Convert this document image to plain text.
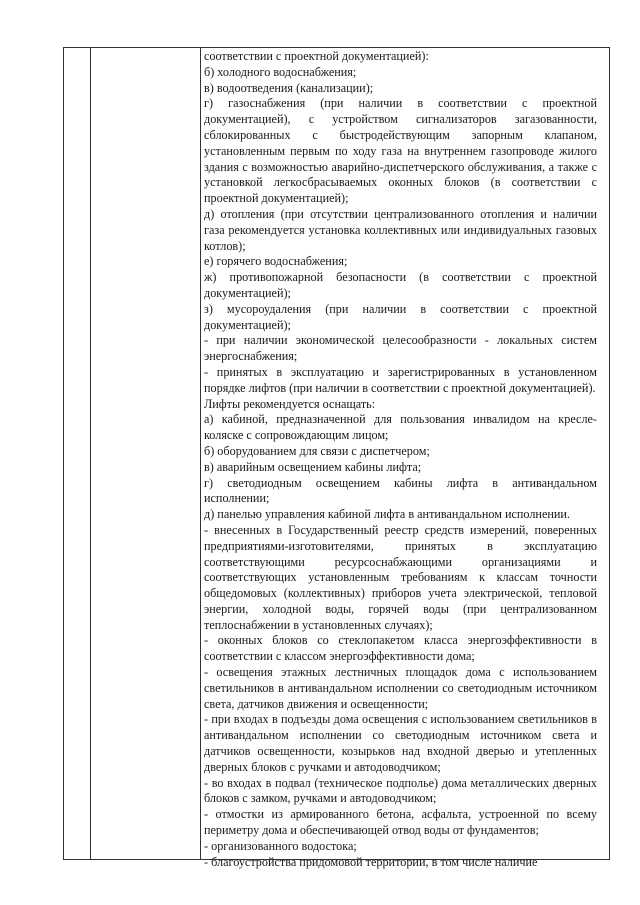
соответствии с проектной документацией):

б) холодного водоснабжения;

в) водоотведения (канализации);

г) газоснабжения (при наличии в соответствии с проектной документацией), с устройством сигнализаторов загазованности, сблокированных с быстродействующим запорным клапаном, установленным первым по ходу газа на внутреннем газопроводе жилого здания с возможностью аварийно-диспетчерского обслуживания, а также с установкой легкосбрасываемых оконных блоков (в соответствии с проектной документацией);

д) отопления (при отсутствии централизованного отопления и наличии газа рекомендуется установка коллективных или индивидуальных газовых котлов);

е) горячего водоснабжения;

ж) противопожарной безопасности (в соответствии с проектной документацией);

з) мусороудаления (при наличии в соответствии с проектной документацией);

- при наличии экономической целесообразности - локальных систем энергоснабжения;

- принятых в эксплуатацию и зарегистрированных в установленном порядке лифтов (при наличии в соответствии с проектной документацией).

Лифты рекомендуется оснащать:

а) кабиной, предназначенной для пользования инвалидом на кресле-коляске с сопровождающим лицом;

б) оборудованием для связи с диспетчером;

в) аварийным освещением кабины лифта;

г) светодиодным освещением кабины лифта в антивандальном исполнении;

д) панелью управления кабиной лифта в антивандальном исполнении.

- внесенных в Государственный реестр средств измерений, поверенных предприятиями-изготовителями, принятых в эксплуатацию соответствующими ресурсоснабжающими организациями и соответствующих установленным требованиям к классам точности общедомовых (коллективных) приборов учета электрической, тепловой энергии, холодной воды, горячей воды (при централизованном теплоснабжении в установленных случаях);

- оконных блоков со стеклопакетом класса энергоэффективности в соответствии с классом энергоэффективности дома;

- освещения этажных лестничных площадок дома с использованием светильников в антивандальном исполнении со светодиодным источником света, датчиков движения и освещенности;

- при входах в подъезды дома освещения с использованием светильников в антивандальном исполнении со светодиодным источником света и датчиков освещенности, козырьков над входной дверью и утепленных дверных блоков с ручками и автодоводчиком;

- во входах в подвал (техническое подполье) дома металлических дверных блоков с замком, ручками и автодоводчиком;

- отмостки из армированного бетона, асфальта, устроенной по всему периметру дома и обеспечивающей отвод воды от фундаментов;

- организованного водостока;

- благоустройства придомовой территории, в том числе наличие
